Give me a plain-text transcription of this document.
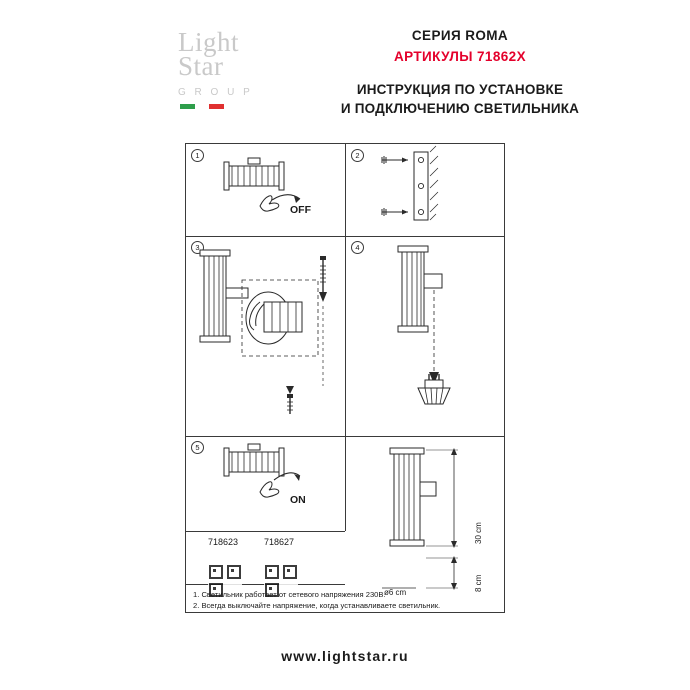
Light
Star
G R O U P
СЕРИЯ ROMA
АРТИКУЛЫ 71862X
ИНСТРУКЦИЯ ПО УСТАНОВКЕ
И ПОДКЛЮЧЕНИЮ СВЕТИЛЬНИКА
1
OFF
2
3	4
5
ON
30 cm
8 cm
ø6 cm
718623	718627
1. Светильник работает от сетевого напряжения 230В.
2. Всегда выключайте напряжение, когда устанавливаете светильник.
www.lightstar.ru
